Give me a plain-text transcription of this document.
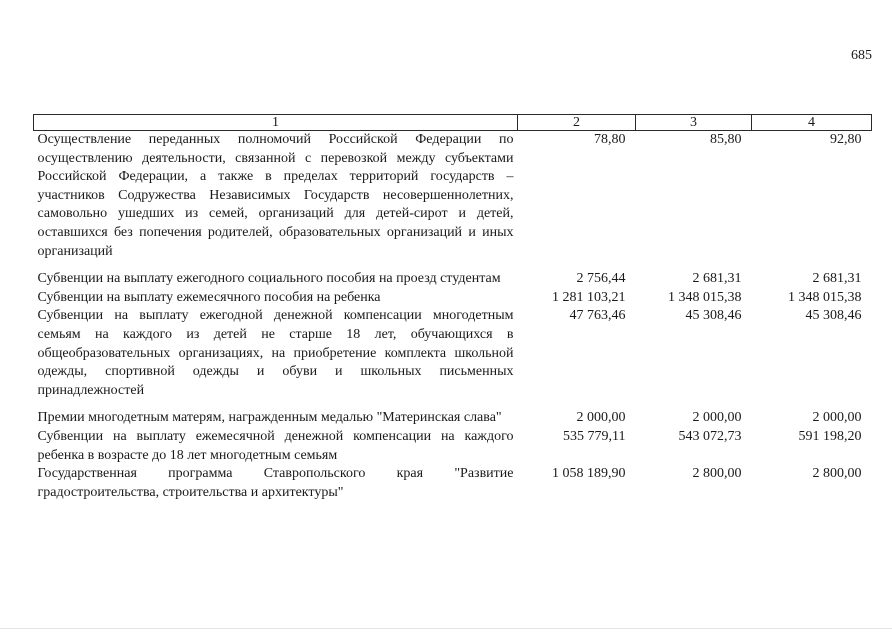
685
1	2	3	4
Осуществление переданных полномочий Российской Федерации по осуществлению деятельности, связанной с перевозкой между субъектами Российской Федерации, а также в пределах территорий государств – участников Содружества Независимых Государств несовершеннолетних, самовольно ушедших из семей, организаций для детей-сирот и детей, оставшихся без попечения родителей, образовательных организаций и иных организаций	78,80	85,80	92,80
Субвенции на выплату ежегодного социального пособия на проезд студентам	2 756,44	2 681,31	2 681,31
Субвенции на выплату ежемесячного пособия на ребенка	1 281 103,21	1 348 015,38	1 348 015,38
Субвенции на выплату ежегодной денежной компенсации многодетным семьям на каждого из детей не старше 18 лет, обучающихся в общеобразовательных организациях, на приобретение комплекта школьной одежды, спортивной одежды и обуви и школьных письменных принадлежностей	47 763,46	45 308,46	45 308,46
Премии многодетным матерям, награжденным медалью "Материнская слава"	2 000,00	2 000,00	2 000,00
Субвенции на выплату ежемесячной денежной компенсации на каждого ребенка в возрасте до 18 лет многодетным семьям	535 779,11	543 072,73	591 198,20
Государственная программа Ставропольского края "Развитие градостроительства, строительства и архитектуры"	1 058 189,90	2 800,00	2 800,00
